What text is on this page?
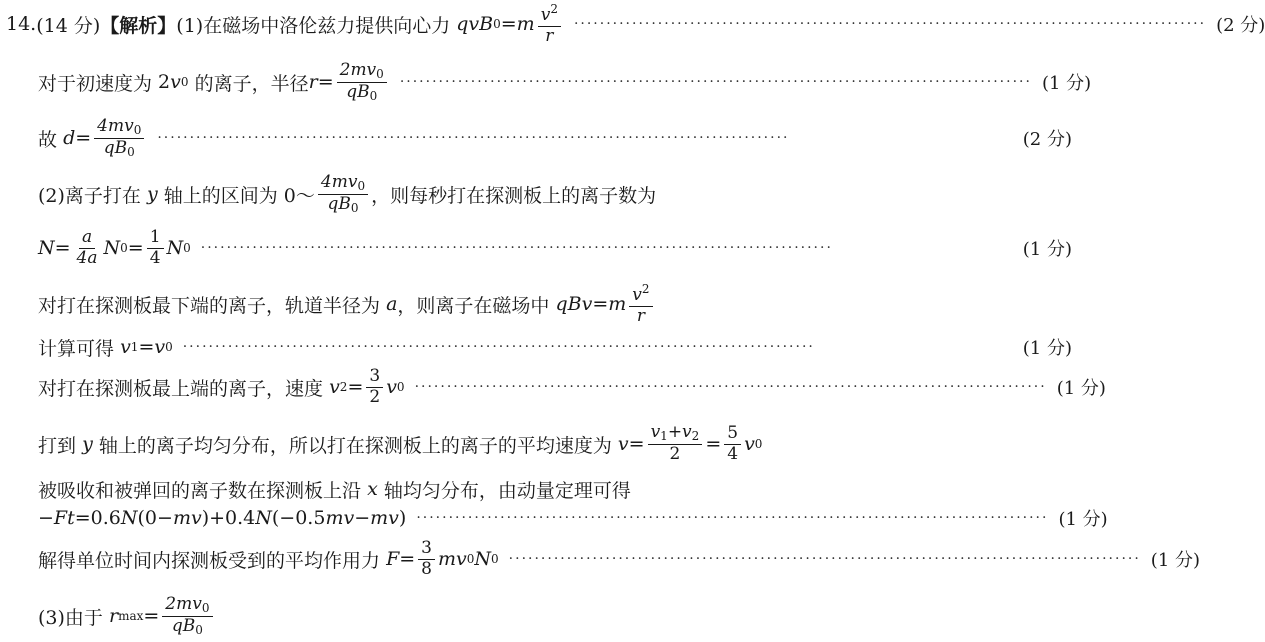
14. (14 分) 【解析】 (1)在磁场中洛伦兹力提供向心力
qvB 0 = m $\frac{v^2}{r}$ ·································································································· (2 分)
对于初速度为 2 v 0
的离子，半径 $r = \frac{2mv_0}{qB_0}$ ·································································································· (1 分)
故
$d = \frac{4mv_0}{qB_0}$ ··································································································	(2 分)
(2)离子打在
y
轴上的区间为 0～ $\frac{4mv_0}{qB_0}$ ，则每秒打在探测板上的离子数为
$N = \frac{a}{4a}$ N $0 = \frac{1}{4}$ N 0 ··································································································	(1 分)
对打在探测板最下端的离子，轨道半径为
a ，则离子在磁场中
qBv = m $\frac{v^2}{r}$
计算可得
v 1 = v 0 ··································································································	(1 分)
对打在探测板最上端的离子，速度
v $2 = \frac{3}{2}$ v 0 ·································································································· (1 分)
打到
y
轴上的离子均匀分布，所以打在探测板上的离子的平均速度为
$v = \frac{v_1+v_2}{2} = \frac{5}{4}$ v 0
被吸收和被弹回的离子数在探测板上沿
x
轴均匀分布，由动量定理可得
− Ft =0.6 N (0− mv )+0.4 N (−0.5 mv − mv ) ·································································································· (1 分)
解得单位时间内探测板受到的平均作用力
$F = \frac{3}{8}$ mv 0 N 0 ·································································································· (1 分)
(3)由于
r $\max = \frac{2mv_0}{qB_0}$
